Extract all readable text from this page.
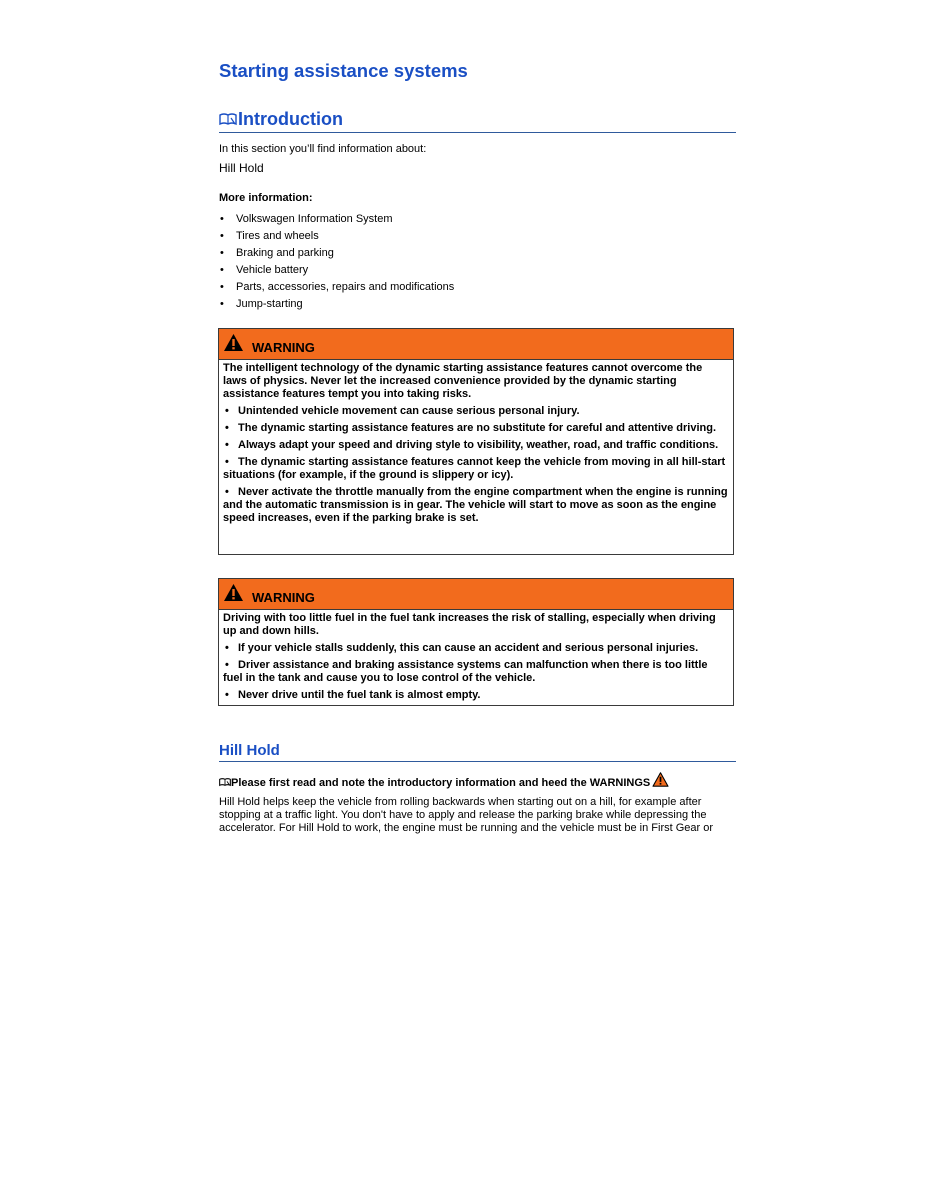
Starting assistance systems
Introduction

In this section you’ll find information about:

Hill Hold

More information:

• Volkswagen Information System
• Tires and wheels
• Braking and parking
• Vehicle battery
• Parts, accessories, repairs and modifications
• Jump-starting
WARNING

The intelligent technology of the dynamic starting assistance features cannot overcome the laws of physics. Never let the increased convenience provided by the dynamic starting assistance features tempt you into taking risks.

• Unintended vehicle movement can cause serious personal injury.

• The dynamic starting assistance features are no substitute for careful and attentive driving.

• Always adapt your speed and driving style to visibility, weather, road, and traffic conditions.

• The dynamic starting assistance features cannot keep the vehicle from moving in all hill-start situations (for example, if the ground is slippery or icy).

• Never activate the throttle manually from the engine compartment when the engine is running and the automatic transmission is in gear. The vehicle will start to move as soon as the engine speed increases, even if the parking brake is set.

WARNING

Driving with too little fuel in the fuel tank increases the risk of stalling, especially when driving up and down hills.

• If your vehicle stalls suddenly, this can cause an accident and serious personal injuries.

• Driver assistance and braking assistance systems can malfunction when there is too little fuel in the tank and cause you to lose control of the vehicle.

• Never drive until the fuel tank is almost empty.

Hill Hold
Please first read and note the introductory information and heed the WARNINGS

Hill Hold helps keep the vehicle from rolling backwards when starting out on a hill, for example after stopping at a traffic light. You don't have to apply and release the parking brake while depressing the accelerator. For Hill Hold to work, the engine must be running and the vehicle must be in First Gear or
